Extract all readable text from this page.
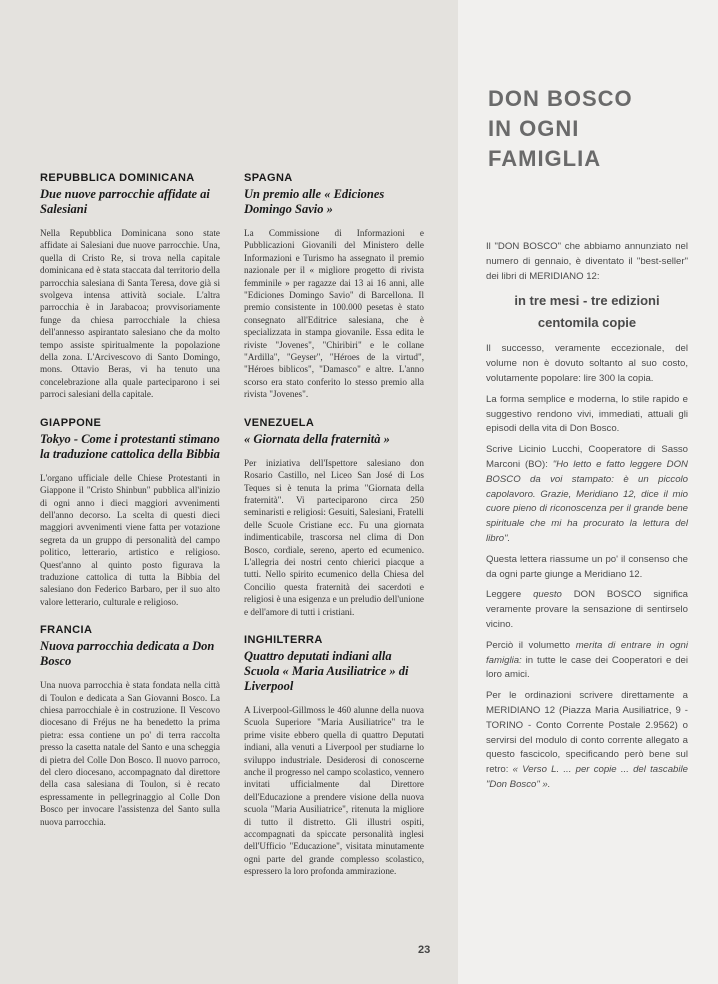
REPUBBLICA DOMINICANA
Due nuove parrocchie affidate ai Salesiani

Nella Repubblica Dominicana sono state affidate ai Salesiani due nuove parrocchie. Una, quella di Cristo Re, si trova nella capitale dominicana ed è stata staccata dal territorio della parrocchia salesiana di Santa Teresa, dove già si svolgeva intensa attività sociale. L'altra parrocchia è in Jarabacoa; provvisoriamente funge da chiesa parrocchiale la chiesa dell'annesso aspirantato salesiano che da molto tempo assiste spiritualmente la popolazione della zona. L'Arcivescovo di Santo Domingo, mons. Ottavio Beras, vi ha tenuto una concelebrazione alla quale parteciparono i sei parroci salesiani della capitale.

GIAPPONE
Tokyo - Come i protestanti stimano la traduzione cattolica della Bibbia

L'organo ufficiale delle Chiese Protestanti in Giappone il "Cristo Shinbun" pubblica all'inizio di ogni anno i dieci maggiori avvenimenti dell'anno decorso. La scelta di questi dieci maggiori avvenimenti viene fatta per votazione segreta da un gruppo di personalità del campo politico, letterario, artistico e religioso. Quest'anno al quinto posto figurava la traduzione cattolica di tutta la Bibbia del salesiano don Federico Barbaro, per il suo alto valore letterario, culturale e religioso.

FRANCIA
Nuova parrocchia dedicata a Don Bosco

Una nuova parrocchia è stata fondata nella città di Toulon e dedicata a San Giovanni Bosco. La chiesa parrocchiale è in costruzione. Il Vescovo diocesano di Fréjus ne ha benedetto la prima pietra: essa contiene un po' di terra raccolta presso la casetta natale del Santo e una scheggia di pietra del Colle Don Bosco. Il nuovo parroco, del clero diocesano, accompagnato dal direttore della casa salesiana di Toulon, si è recato espressamente in pellegrinaggio al Colle Don Bosco per invocare l'assistenza del Santo sulla nuova parrocchia.

SPAGNA
Un premio alle « Ediciones Domingo Savio »

La Commissione di Informazioni e Pubblicazioni Giovanili del Ministero delle Informazioni e Turismo ha assegnato il premio nazionale per il « migliore progetto di rivista femminile » per ragazze dai 13 ai 16 anni, alle "Ediciones Domingo Savio" di Barcellona. Il premio consistente in 100.000 pesetas è stato consegnato all'Editrice salesiana, che è specializzata in stampa giovanile. Essa edita le riviste "Jovenes", "Chiribiri" e le collane "Ardilla", "Geyser", "Héroes de la virtud", "Héroes biblicos", "Damasco" e altre. L'anno scorso era stato conferito lo stesso premio alla rivista "Jovenes".

VENEZUELA
« Giornata della fraternità »

Per iniziativa dell'Ispettore salesiano don Rosario Castillo, nel Liceo San José di Los Teques si è tenuta la prima "Giornata della fraternità". Vi parteciparono circa 250 seminaristi e religiosi: Gesuiti, Salesiani, Fratelli delle Scuole Cristiane ecc. Fu una giornata indimenticabile, trascorsa nel clima di Don Bosco, cordiale, sereno, aperto ed ecumenico. L'allegria dei nostri cento chierici piacque a tutti. Nello spirito ecumenico della Chiesa del Concilio questa fraternità dei sacerdoti e religiosi è una esigenza e un preludio dell'unione e dell'amore di tutti i cristiani.

INGHILTERRA
Quattro deputati indiani alla Scuola « Maria Ausiliatrice » di Liverpool

A Liverpool-Gillmoss le 460 alunne della nuova Scuola Superiore "Maria Ausiliatrice" tra le prime visite ebbero quella di quattro Deputati indiani, alla venuti a Liverpool per studiarne lo sviluppo industriale. Desiderosi di conoscerne anche il progresso nel campo scolastico, vennero invitati ufficialmente dal Direttore dell'Educazione a prendere visione della nuova scuola "Maria Ausiliatrice", ritenuta la migliore di tutto il distretto. Gli illustri ospiti, accompagnati da spiccate personalità inglesi dell'Ufficio "Educazione", visitata minutamente ogni parte del grande complesso scolastico, espressero la loro profonda ammirazione.

23
DON BOSCO
IN OGNI
FAMIGLIA

Il "DON BOSCO" che abbiamo annunziato nel numero di gennaio, è diventato il "best-seller" dei libri di MERIDIANO 12:

in tre mesi - tre edizioni centomila copie

Il successo, veramente eccezionale, del volume non è dovuto soltanto al suo costo, volutamente popolare: lire 300 la copia.

La forma semplice e moderna, lo stile rapido e suggestivo rendono vivi, immediati, attuali gli episodi della vita di Don Bosco.

Scrive Licinio Lucchi, Cooperatore di Sasso Marconi (BO): "Ho letto e fatto leggere DON BOSCO da voi stampato: è un piccolo capolavoro. Grazie, Meridiano 12, dice il mio cuore pieno di riconoscenza per il grande bene spirituale che mi ha procurato la lettura del libro".

Questa lettera riassume un po' il consenso che da ogni parte giunge a Meridiano 12.

Leggere questo DON BOSCO significa veramente provare la sensazione di sentirselo vicino.

Perciò il volumetto merita di entrare in ogni famiglia: in tutte le case dei Cooperatori e dei loro amici.

Per le ordinazioni scrivere direttamente a MERIDIANO 12 (Piazza Maria Ausiliatrice, 9 - TORINO - Conto Corrente Postale 2.9562) o servirsi del modulo di conto corrente allegato a questo fascicolo, specificando però bene sul retro: « Verso L. ... per copie ... del tascabile "Don Bosco" ».
